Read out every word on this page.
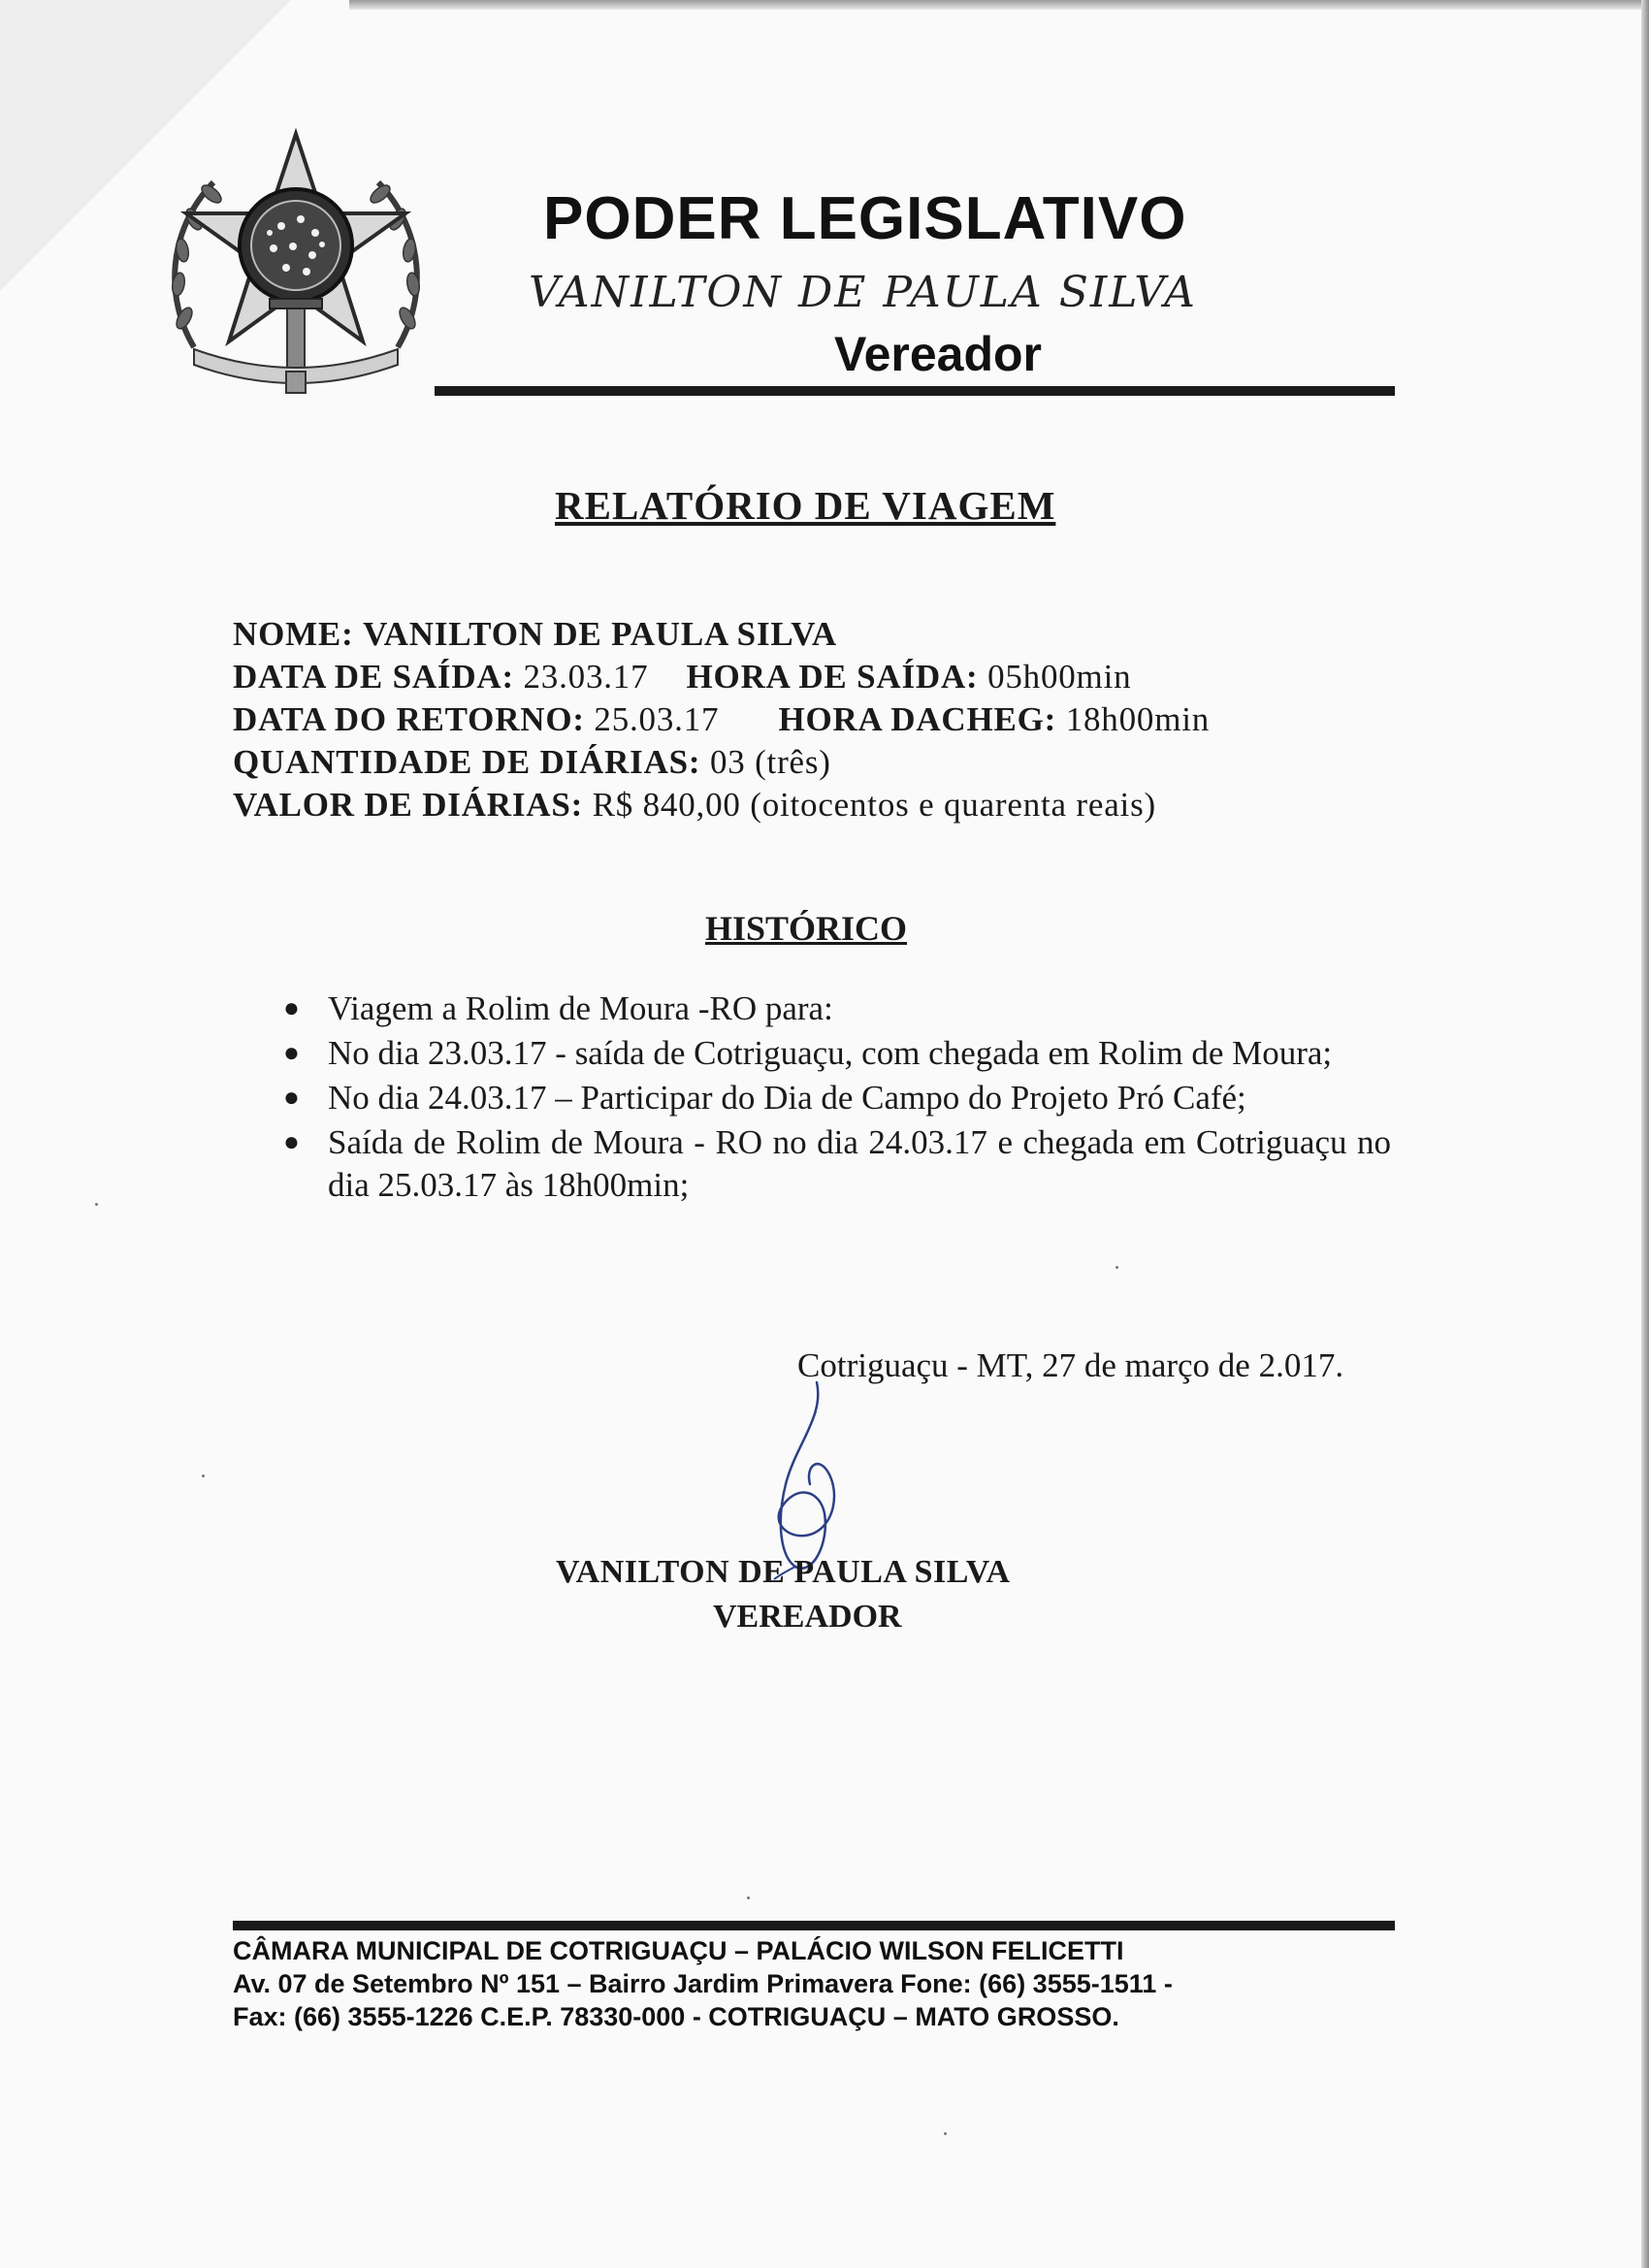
PODER LEGISLATIVO
VANILTON DE PAULA SILVA
Vereador
RELATÓRIO DE VIAGEM
NOME: VANILTON DE PAULA SILVA
DATA DE SAÍDA: 23.03.17 HORA DE SAÍDA: 05h00min
DATA DO RETORNO: 25.03.17 HORA DACHEG: 18h00min
QUANTIDADE DE DIÁRIAS: 03 (três)
VALOR DE DIÁRIAS: R$ 840,00 (oitocentos e quarenta reais)
HISTÓRICO
● Viagem a Rolim de Moura -RO para:
● No dia 23.03.17 - saída de Cotriguaçu, com chegada em Rolim de Moura;
● No dia 24.03.17 – Participar do Dia de Campo do Projeto Pró Café;
● Saída de Rolim de Moura - RO no dia 24.03.17 e chegada em Cotriguaçu no dia 25.03.17 às 18h00min;
Cotriguaçu - MT, 27 de março de 2.017.
VANILTON DE PAULA SILVA
VEREADOR
CÂMARA MUNICIPAL DE COTRIGUAÇU – PALÁCIO WILSON FELICETTI
Av. 07 de Setembro Nº 151 – Bairro Jardim Primavera Fone: (66) 3555-1511 -
Fax: (66) 3555-1226 C.E.P. 78330-000 - COTRIGUAÇU – MATO GROSSO.
